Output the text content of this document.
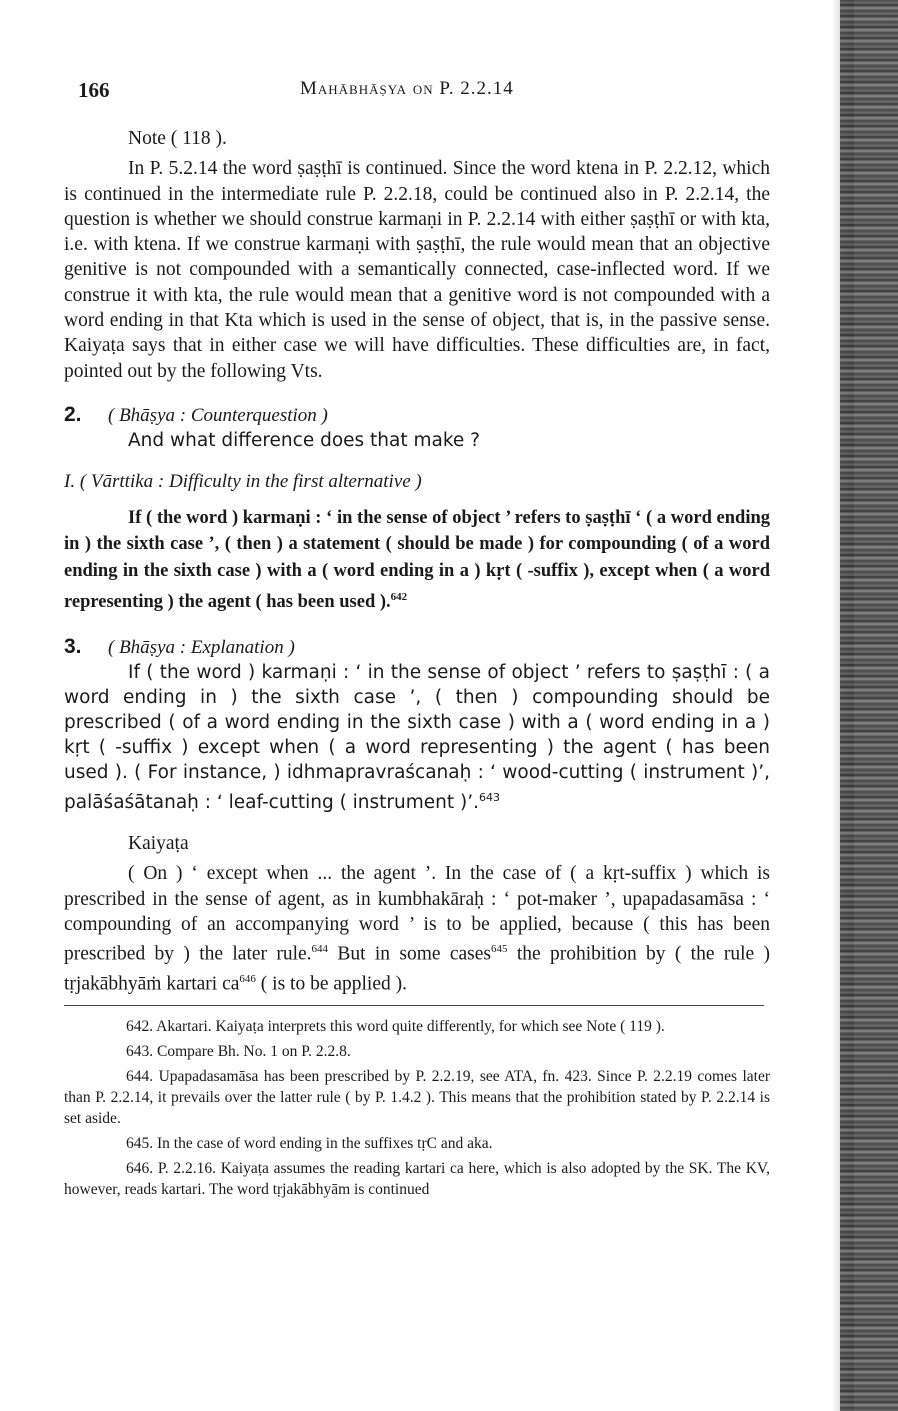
166	Mahābhāṣya on P. 2.2.14

Note ( 118 ).

In P. 5.2.14 the word ṣaṣṭhī is continued. Since the word ktena in P. 2.2.12, which is continued in the intermediate rule P. 2.2.18, could be continued also in P. 2.2.14, the question is whether we should construe karmaṇi in P. 2.2.14 with either ṣaṣṭhī or with kta, i.e. with ktena. If we construe karmaṇi with ṣaṣṭhī, the rule would mean that an objective genitive is not compounded with a semantically connected, case-inflected word. If we construe it with kta, the rule would mean that a genitive word is not compounded with a word ending in that Kta which is used in the sense of object, that is, in the passive sense. Kaiyaṭa says that in either case we will have difficulties. These difficulties are, in fact, pointed out by the following Vts.

2.	( Bhāṣya : Counterquestion )

And what difference does that make ?

I. ( Vārttika : Difficulty in the first alternative )

If ( the word ) karmaṇi : ‘ in the sense of object ’ refers to ṣaṣṭhī ‘ ( a word ending in ) the sixth case ’, ( then ) a statement ( should be made ) for compounding ( of a word ending in the sixth case ) with a ( word ending in a ) kṛt ( -suffix ), except when ( a word representing ) the agent ( has been used ).$^{642}$

3.	( Bhāṣya : Explanation )

If ( the word ) karmaṇi : ‘ in the sense of object ’ refers to ṣaṣṭhī : ( a word ending in ) the sixth case ’, ( then ) compounding should be prescribed ( of a word ending in the sixth case ) with a ( word ending in a ) kṛt ( -suffix ) except when ( a word representing ) the agent ( has been used ). ( For instance, ) idhmapravraścanaḥ : ‘ wood-cutting ( instrument )’, palāśaśātanaḥ : ‘ leaf-cutting ( instrument )’.$^{643}$

Kaiyaṭa

( On ) ‘ except when ... the agent ’. In the case of ( a kṛt-suffix ) which is prescribed in the sense of agent, as in kumbhakāraḥ : ‘ pot-maker ’, upapadasamāsa : ‘ compounding of an accompanying word ’ is to be applied, because ( this has been prescribed by ) the later rule.$^{644}$ But in some cases$^{645}$ the prohibition by ( the rule ) tṛjakābhyāṁ kartari $ca^{646}$ ( is to be applied ).

642. Akartari. Kaiyaṭa interprets this word quite differently, for which see Note ( 119 ).

643. Compare Bh. No. 1 on P. 2.2.8.

644. Upapadasamāsa has been prescribed by P. 2.2.19, see ATA, fn. 423. Since P. 2.2.19 comes later than P. 2.2.14, it prevails over the latter rule ( by P. 1.4.2 ). This means that the prohibition stated by P. 2.2.14 is set aside.

645. In the case of word ending in the suffixes tṛC and aka.

646. P. 2.2.16. Kaiyaṭa assumes the reading kartari ca here, which is also adopted by the SK. The KV, however, reads kartari. The word tṛjakābhyām is continued
